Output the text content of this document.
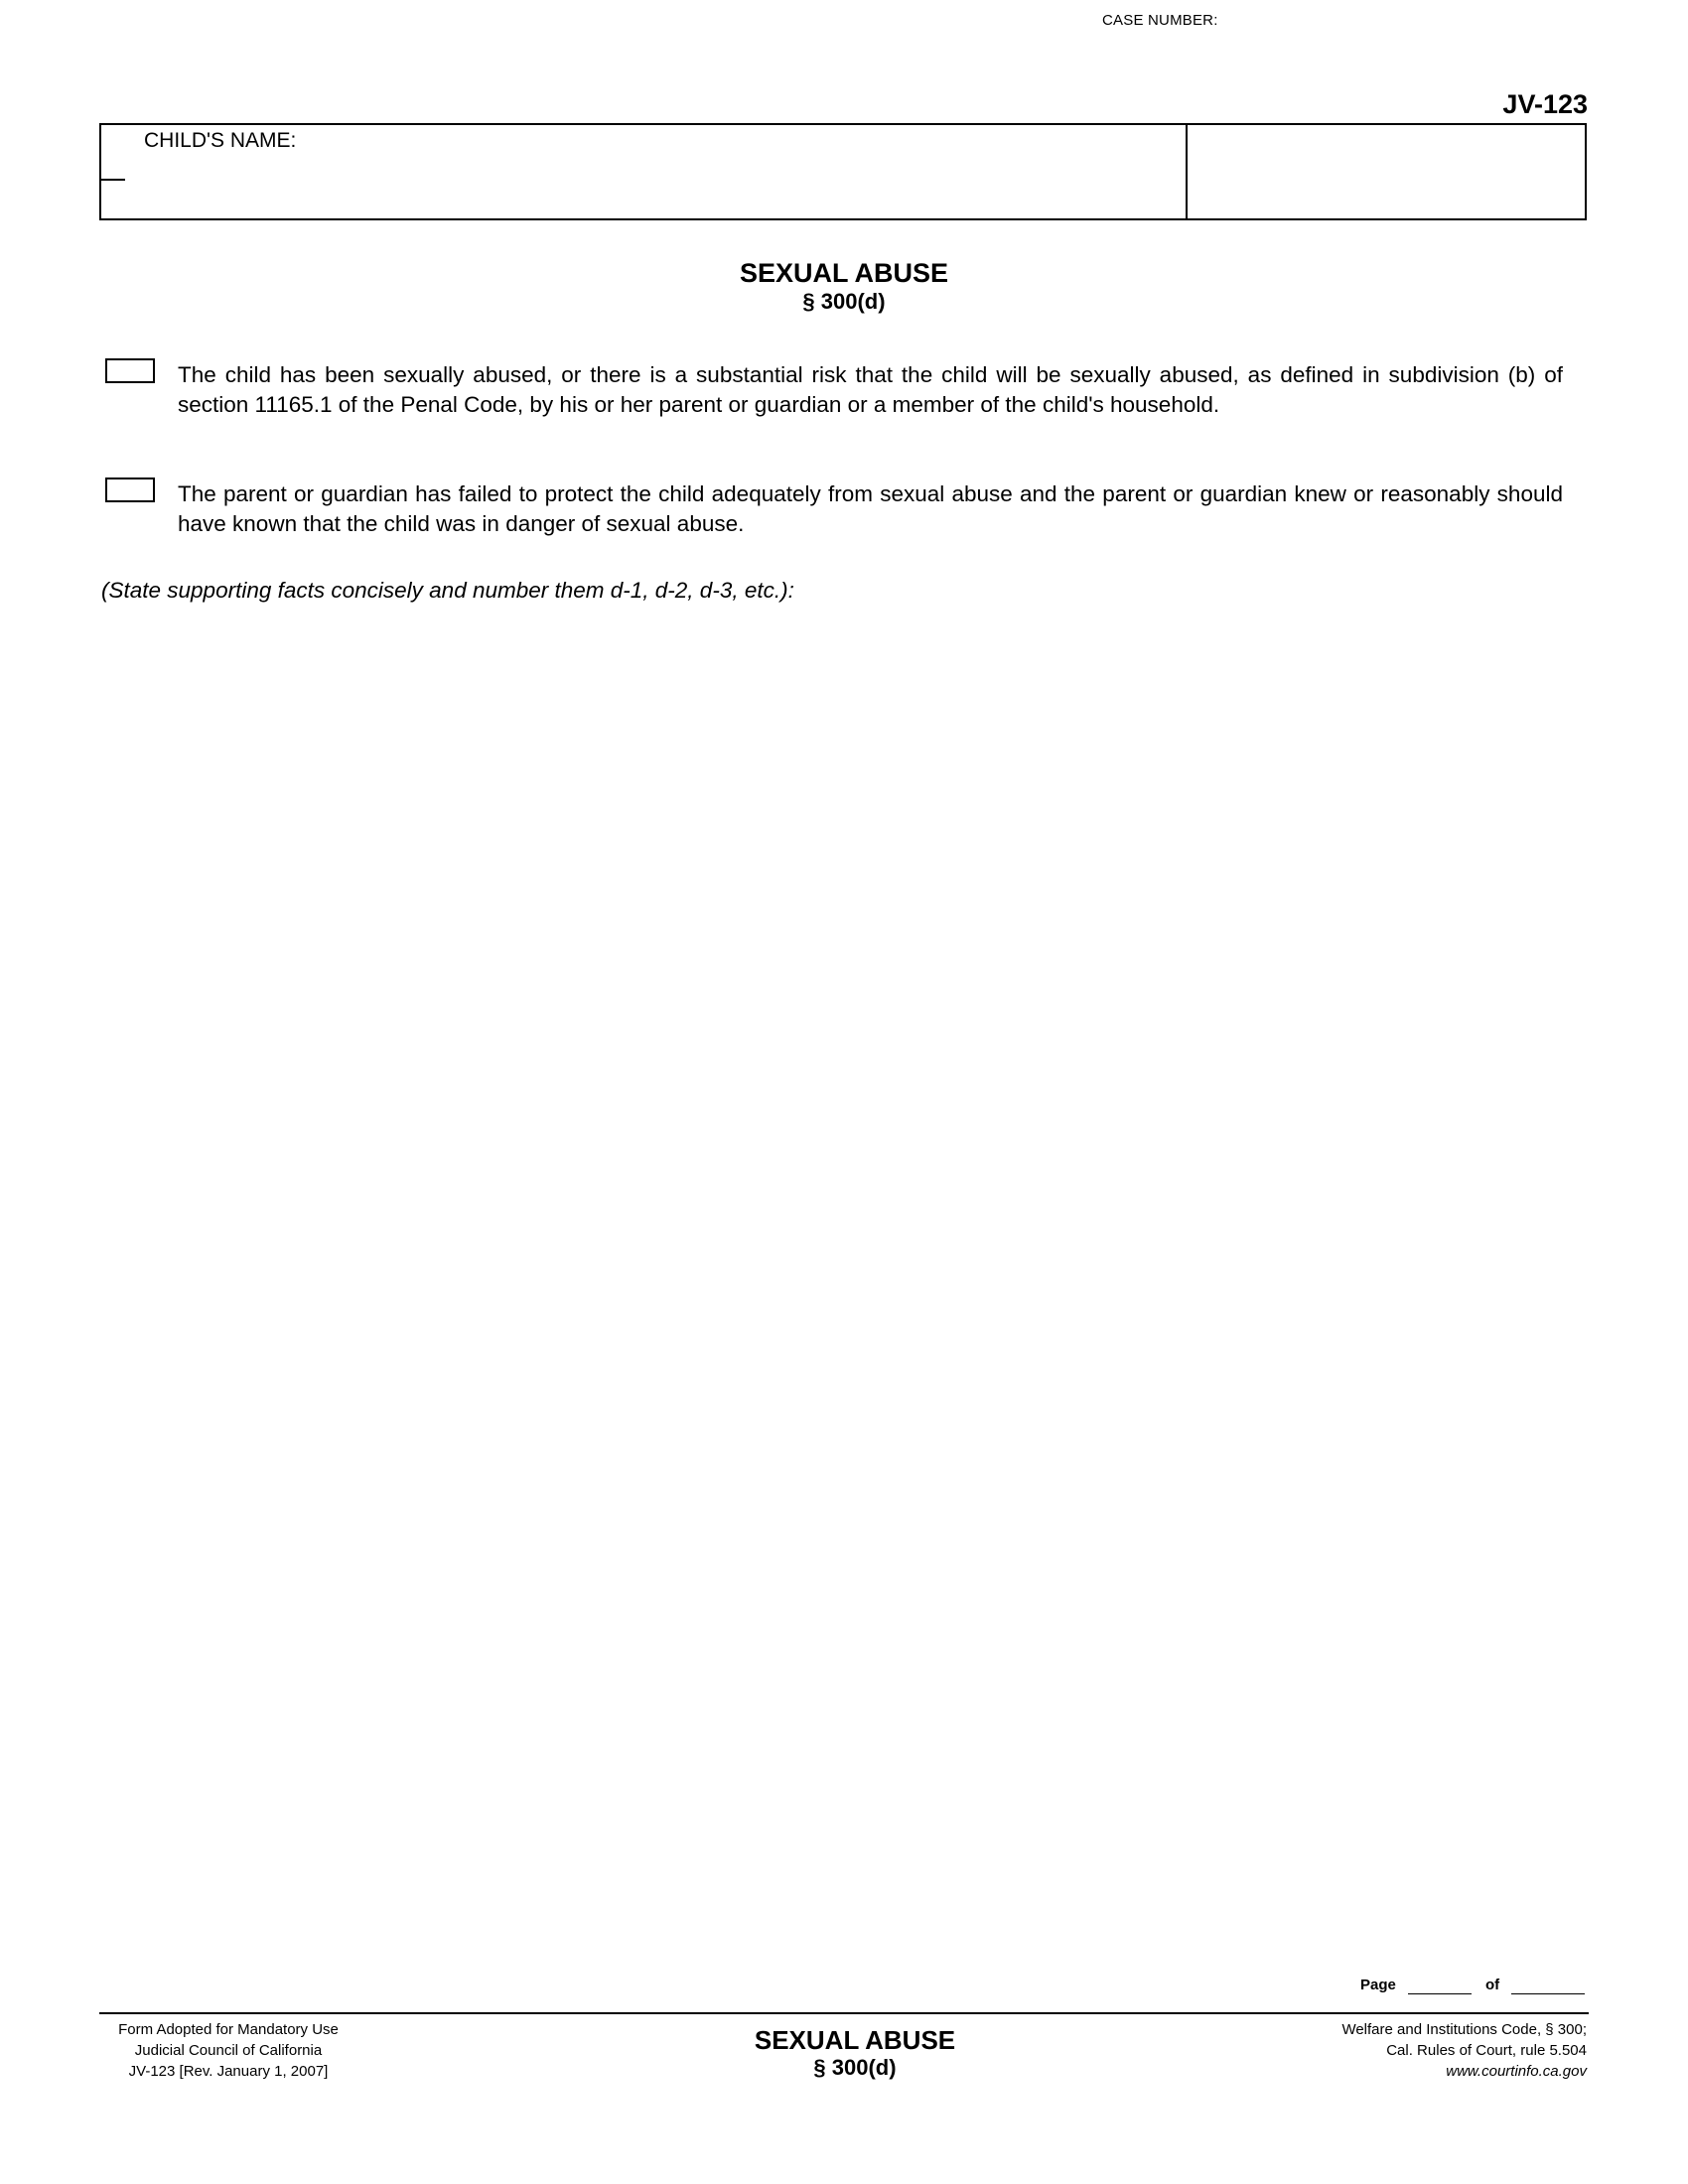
JV-123
CHILD'S NAME:
CASE NUMBER:
SEXUAL ABUSE
§ 300(d)
The child has been sexually abused, or there is a substantial risk that the child will be sexually abused, as defined in subdivision (b) of section 11165.1 of the Penal Code, by his or her parent or guardian or a member of the child's household.
The parent or guardian has failed to protect the child adequately from sexual abuse and the parent or guardian knew or reasonably should have known that the child was in danger of sexual abuse.
(State supporting facts concisely and number them d-1, d-2, d-3, etc.):
Page	of
Form Adopted for Mandatory Use
Judicial Council of California
JV-123 [Rev. January 1, 2007]
SEXUAL ABUSE
§ 300(d)
Welfare and Institutions Code, § 300;
Cal. Rules of Court, rule 5.504
www.courtinfo.ca.gov
